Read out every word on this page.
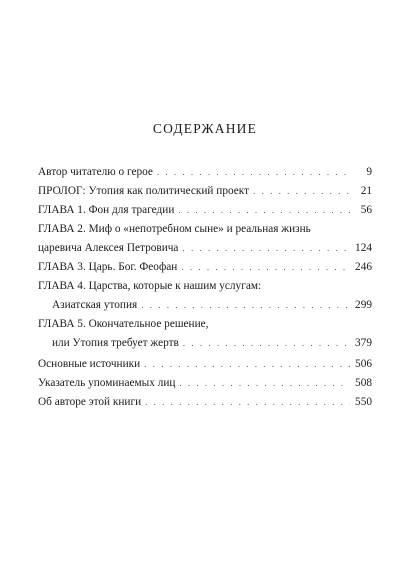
СОДЕРЖАНИЕ
Автор читателю о герое . . .	9
ПРОЛОГ: Утопия как политический проект . . .	21
ГЛАВА 1. Фон для трагедии . . .	56
ГЛАВА 2. Миф о «непотребном сыне» и реальная жизнь
царевича Алексея Петровича . . .	124
ГЛАВА 3. Царь. Бог. Феофан . . .	246
ГЛАВА 4. Царства, которые к нашим услугам:
Азиатская утопия . . .	299
ГЛАВА 5. Окончательное решение,
или Утопия требует жертв . . .	379
Основные источники . . .	506
Указатель упоминаемых лиц . . .	508
Об авторе этой книги . . .	550
